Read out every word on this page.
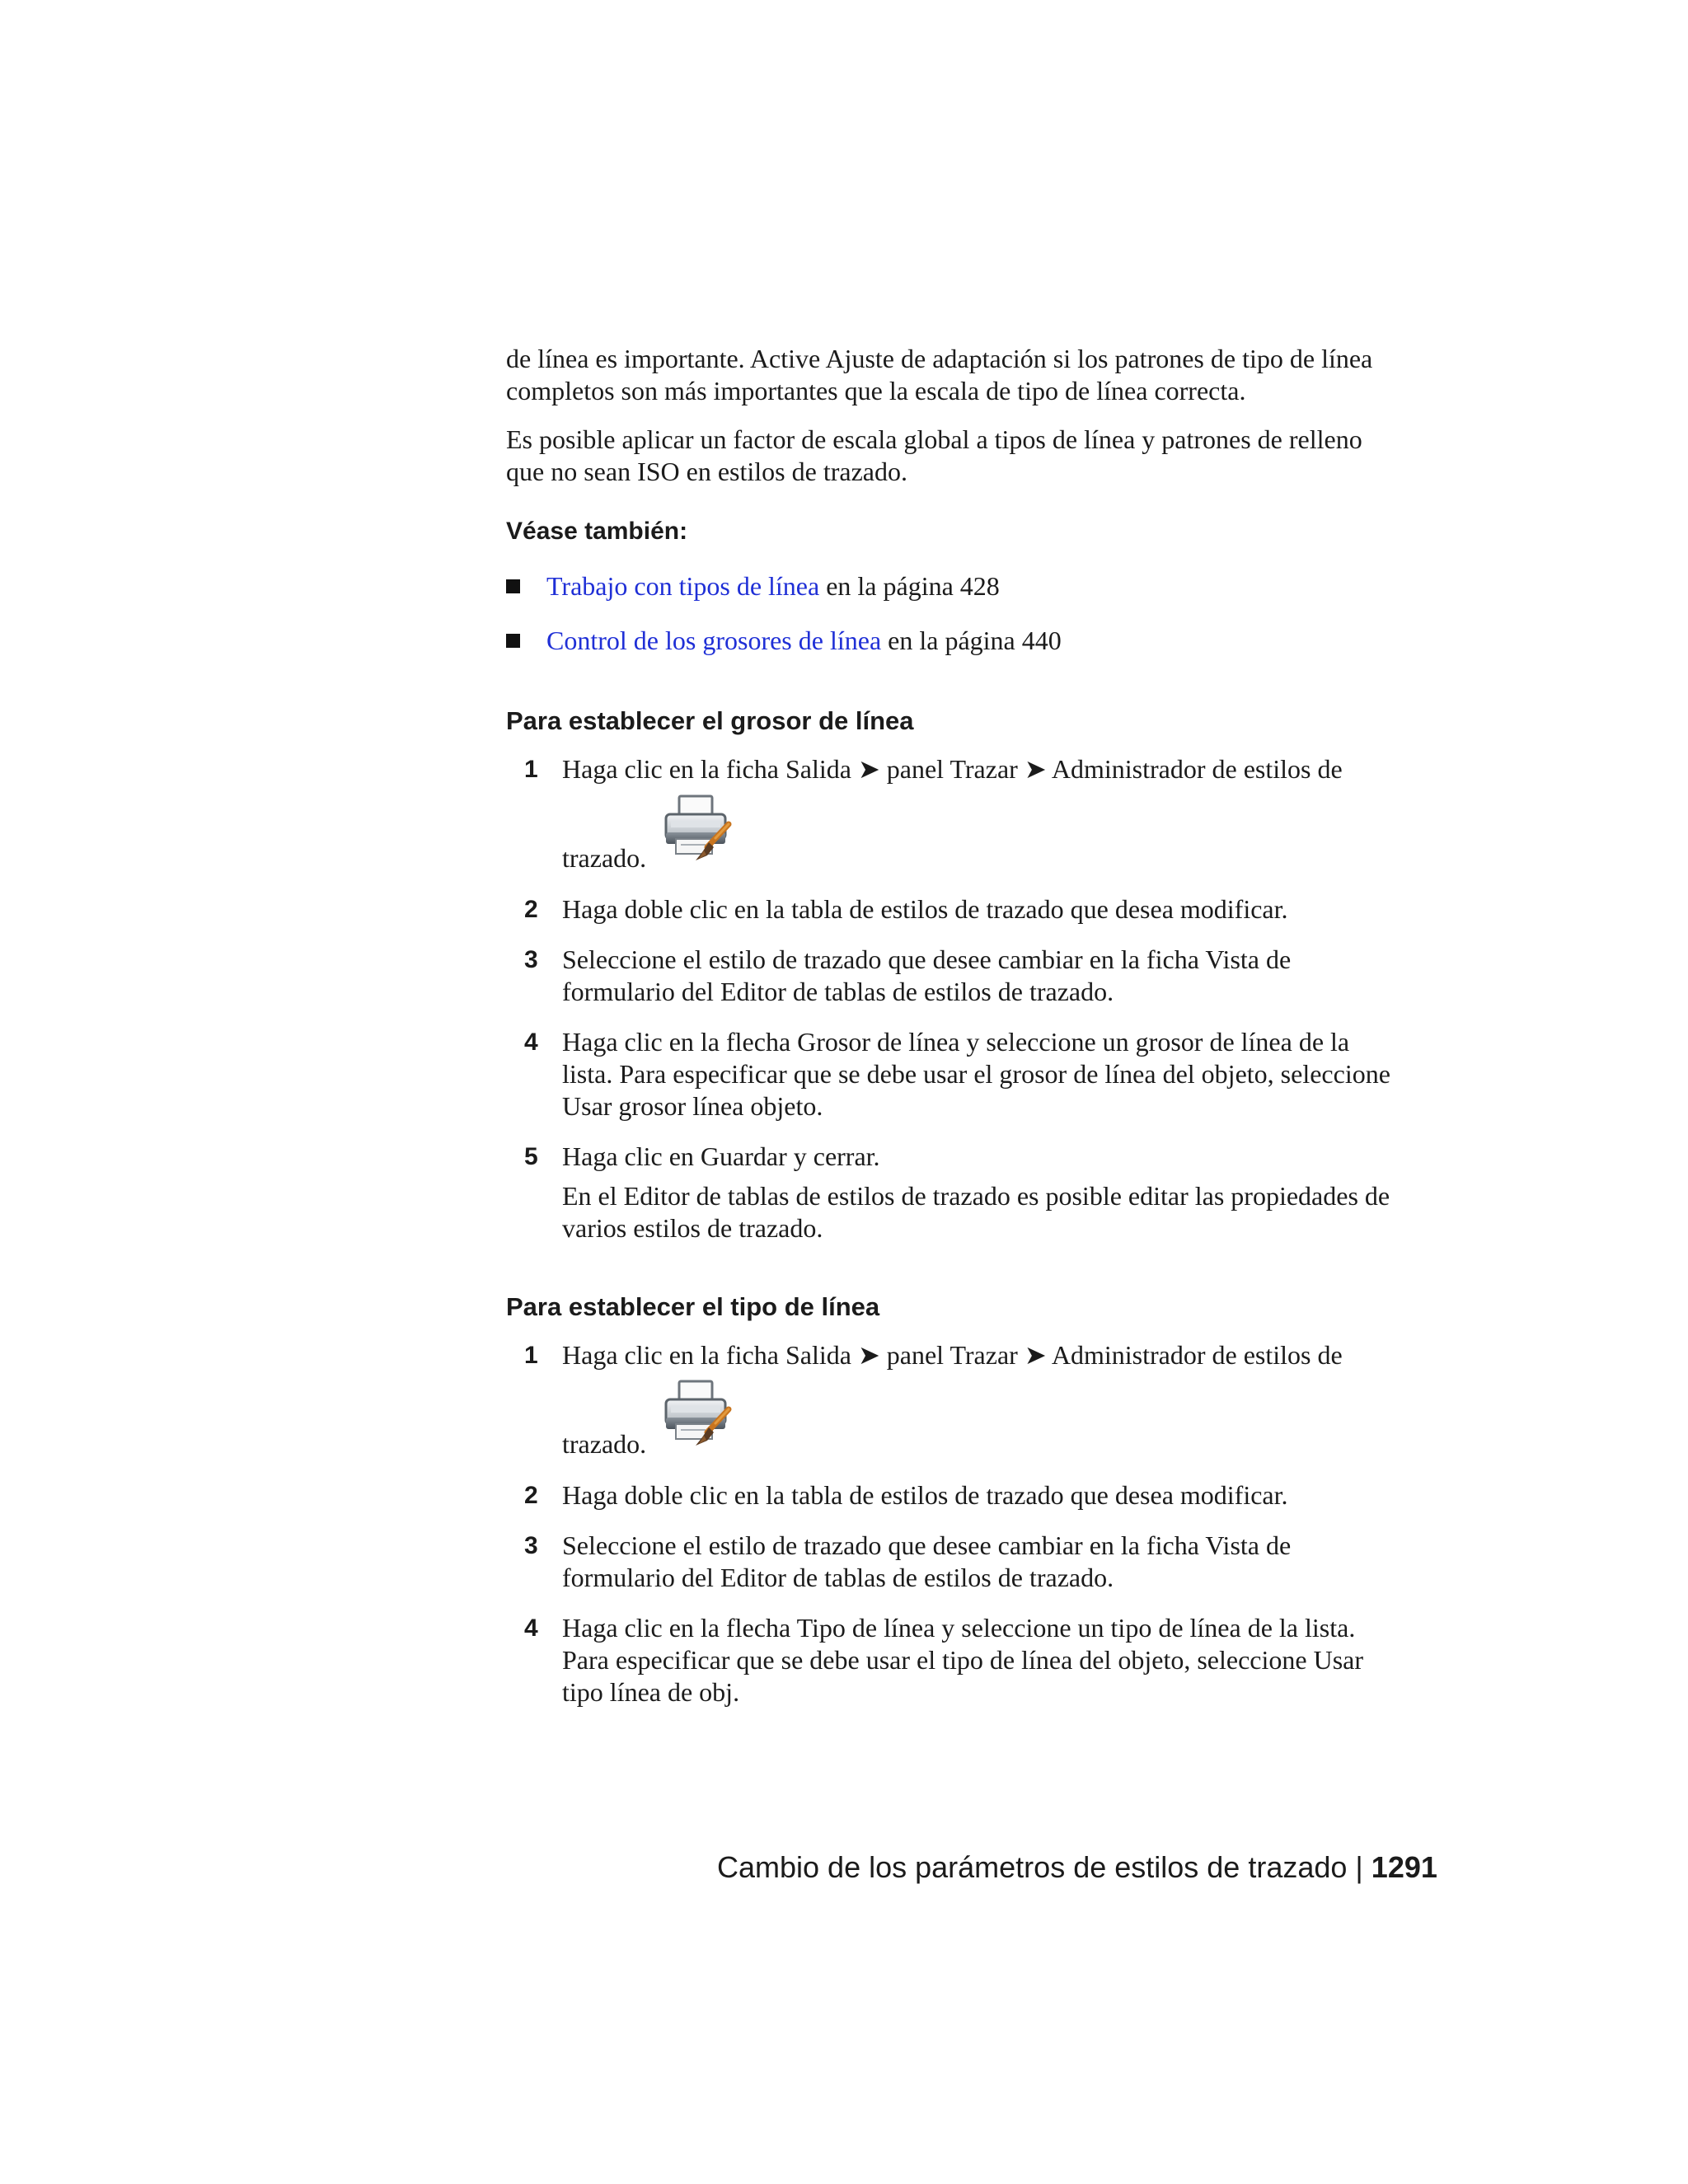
de línea es importante. Active Ajuste de adaptación si los patrones de tipo de línea completos son más importantes que la escala de tipo de línea correcta.
Es posible aplicar un factor de escala global a tipos de línea y patrones de relleno que no sean ISO en estilos de trazado.
Véase también:
Trabajo con tipos de línea en la página 428
Control de los grosores de línea en la página 440
Para establecer el grosor de línea
1 Haga clic en la ficha Salida ➤ panel Trazar ➤ Administrador de estilos de
trazado.
2 Haga doble clic en la tabla de estilos de trazado que desea modificar.
3 Seleccione el estilo de trazado que desee cambiar en la ficha Vista de formulario del Editor de tablas de estilos de trazado.
4 Haga clic en la flecha Grosor de línea y seleccione un grosor de línea de la lista. Para especificar que se debe usar el grosor de línea del objeto, seleccione Usar grosor línea objeto.
5 Haga clic en Guardar y cerrar.
En el Editor de tablas de estilos de trazado es posible editar las propiedades de varios estilos de trazado.
Para establecer el tipo de línea
1 Haga clic en la ficha Salida ➤ panel Trazar ➤ Administrador de estilos de
trazado.
2 Haga doble clic en la tabla de estilos de trazado que desea modificar.
3 Seleccione el estilo de trazado que desee cambiar en la ficha Vista de formulario del Editor de tablas de estilos de trazado.
4 Haga clic en la flecha Tipo de línea y seleccione un tipo de línea de la lista. Para especificar que se debe usar el tipo de línea del objeto, seleccione Usar tipo línea de obj.
Cambio de los parámetros de estilos de trazado | 1291
